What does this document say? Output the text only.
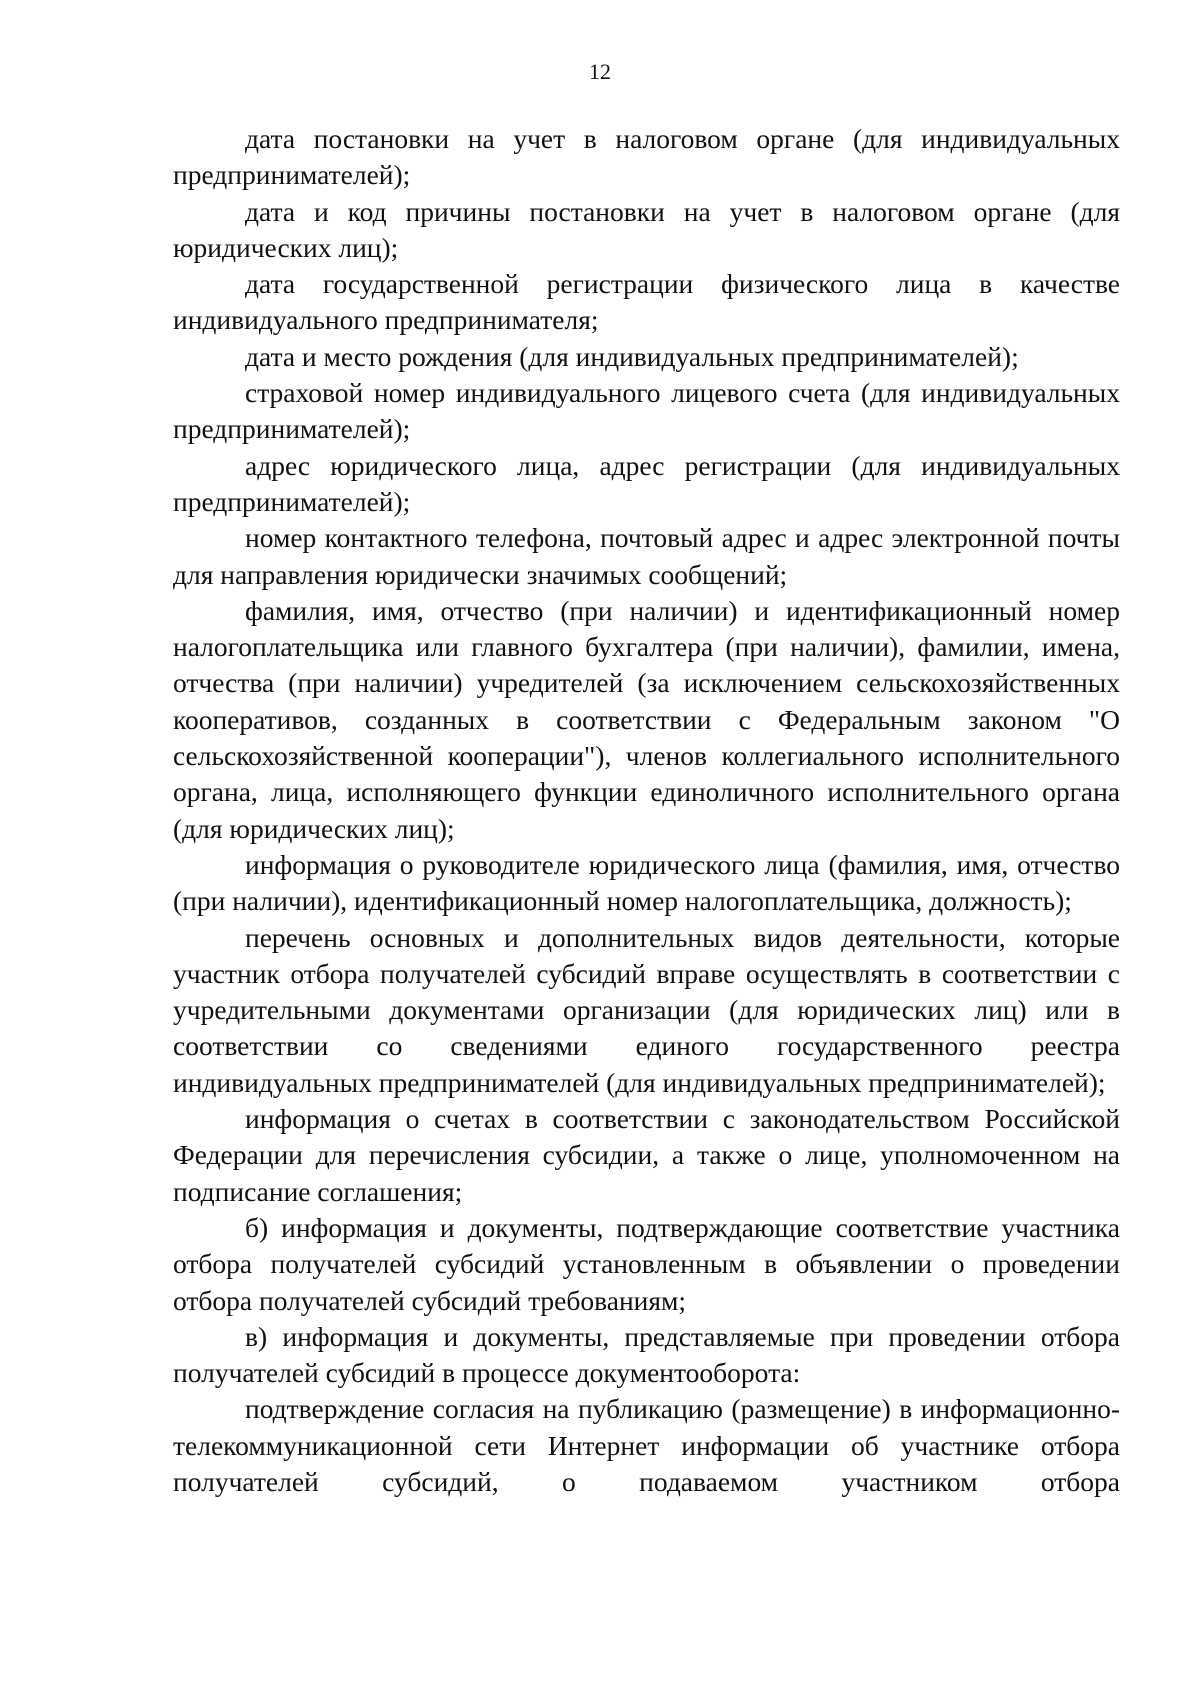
12

дата постановки на учет в налоговом органе (для индивидуальных предпринимателей);

дата и код причины постановки на учет в налоговом органе (для юридических лиц);

дата государственной регистрации физического лица в качестве индивидуального предпринимателя;

дата и место рождения (для индивидуальных предпринимателей);

страховой номер индивидуального лицевого счета (для индивидуальных предпринимателей);

адрес юридического лица, адрес регистрации (для индивидуальных предпринимателей);

номер контактного телефона, почтовый адрес и адрес электронной почты для направления юридически значимых сообщений;

фамилия, имя, отчество (при наличии) и идентификационный номер налогоплательщика или главного бухгалтера (при наличии), фамилии, имена, отчества (при наличии) учредителей (за исключением сельскохозяйственных кооперативов, созданных в соответствии с Федеральным законом "О сельскохозяйственной кооперации"), членов коллегиального исполнительного органа, лица, исполняющего функции единоличного исполнительного органа (для юридических лиц);

информация о руководителе юридического лица (фамилия, имя, отчество (при наличии), идентификационный номер налогоплательщика, должность);

перечень основных и дополнительных видов деятельности, которые участник отбора получателей субсидий вправе осуществлять в соответствии с учредительными документами организации (для юридических лиц) или в соответствии со сведениями единого государственного реестра индивидуальных предпринимателей (для индивидуальных предпринимателей);

информация о счетах в соответствии с законодательством Российской Федерации для перечисления субсидии, а также о лице, уполномоченном на подписание соглашения;

б) информация и документы, подтверждающие соответствие участника отбора получателей субсидий установленным в объявлении о проведении отбора получателей субсидий требованиям;

в) информация и документы, представляемые при проведении отбора получателей субсидий в процессе документооборота:

подтверждение согласия на публикацию (размещение) в информационно-телекоммуникационной сети Интернет информации об участнике отбора получателей субсидий, о подаваемом участником отбора
